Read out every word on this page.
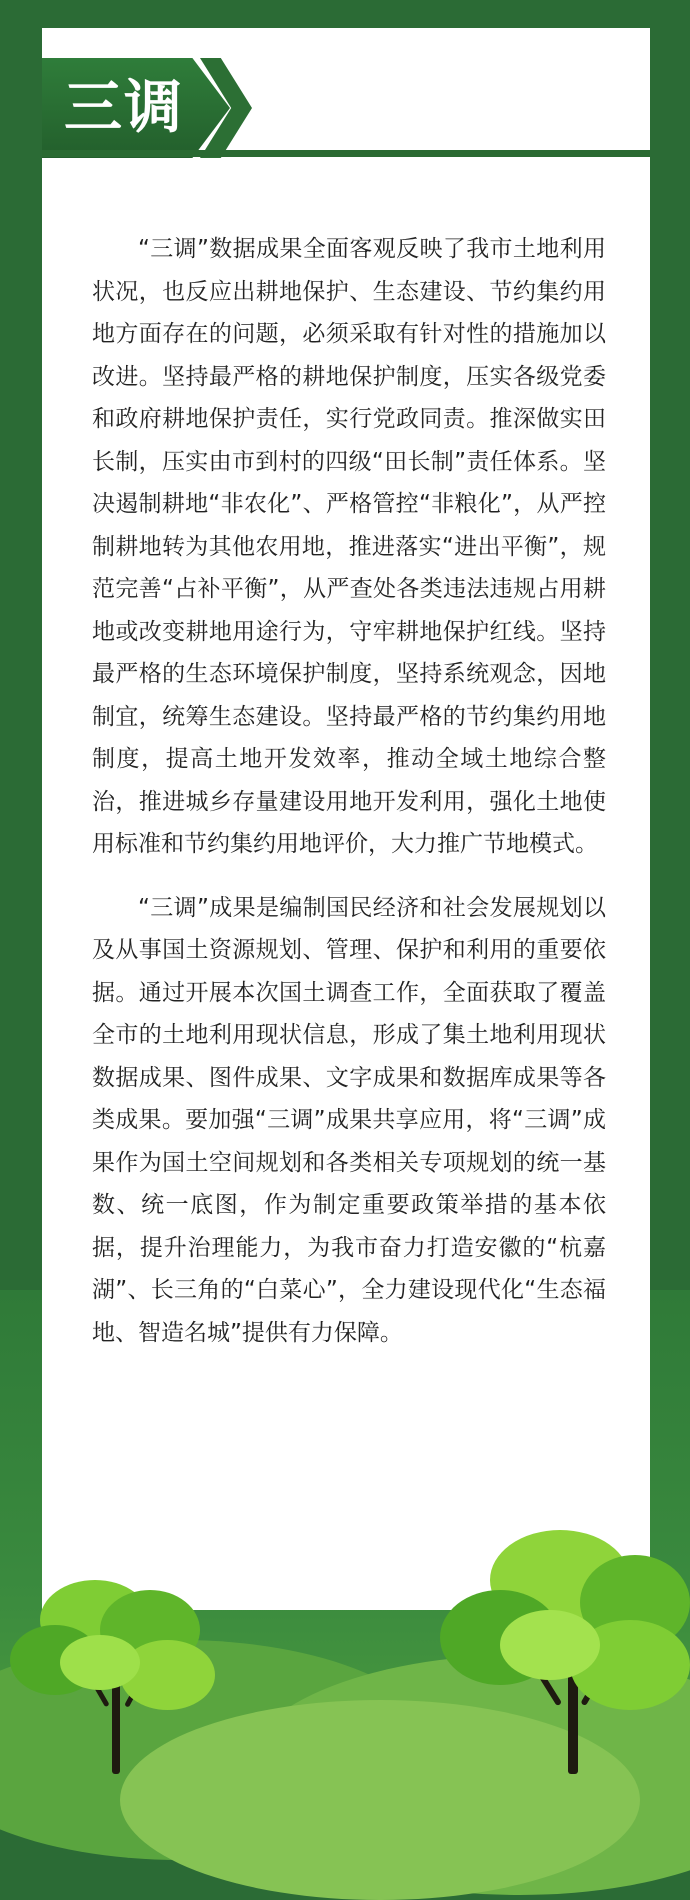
三调

“三调”数据成果全面客观反映了我市土地利用状况，也反应出耕地保护、生态建设、节约集约用地方面存在的问题，必须采取有针对性的措施加以改进。坚持最严格的耕地保护制度，压实各级党委和政府耕地保护责任，实行党政同责。推深做实田长制，压实由市到村的四级“田长制”责任体系。坚决遏制耕地“非农化”、严格管控“非粮化”，从严控制耕地转为其他农用地，推进落实“进出平衡”，规范完善“占补平衡”，从严查处各类违法违规占用耕地或改变耕地用途行为，守牢耕地保护红线。坚持最严格的生态环境保护制度，坚持系统观念，因地制宜，统筹生态建设。坚持最严格的节约集约用地制度，提高土地开发效率，推动全域土地综合整治，推进城乡存量建设用地开发利用，强化土地使用标准和节约集约用地评价，大力推广节地模式。

“三调”成果是编制国民经济和社会发展规划以及从事国土资源规划、管理、保护和利用的重要依据。通过开展本次国土调查工作，全面获取了覆盖全市的土地利用现状信息，形成了集土地利用现状数据成果、图件成果、文字成果和数据库成果等各类成果。要加强“三调”成果共享应用，将“三调”成果作为国土空间规划和各类相关专项规划的统一基数、统一底图，作为制定重要政策举措的基本依据，提升治理能力，为我市奋力打造安徽的“杭嘉湖”、长三角的“白菜心”，全力建设现代化“生态福地、智造名城”提供有力保障。
